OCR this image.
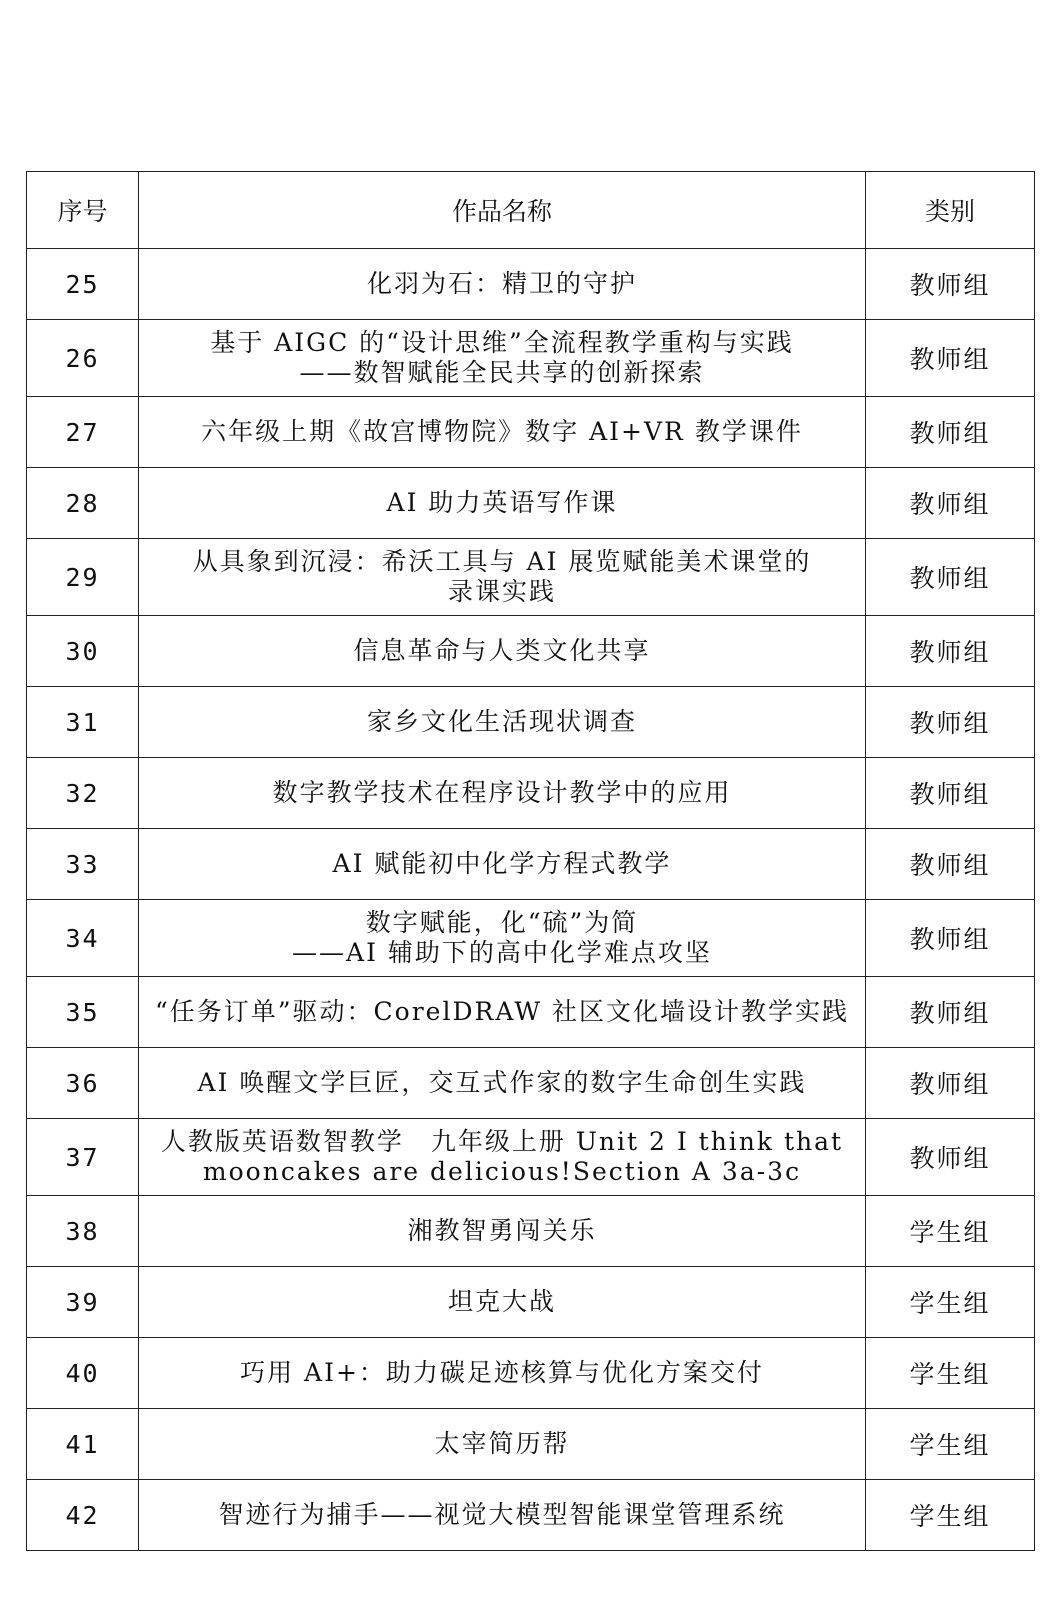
序号	作品名称	类别
25	化羽为石：精卫的守护	教师组
26	基于 AIGC 的“设计思维”全流程教学重构与实践
——数智赋能全民共享的创新探索	教师组
27	六年级上期《故宫博物院》数字 AI+VR 教学课件	教师组
28	AI 助力英语写作课	教师组
29	从具象到沉浸：希沃工具与 AI 展览赋能美术课堂的
录课实践	教师组
30	信息革命与人类文化共享	教师组
31	家乡文化生活现状调查	教师组
32	数字教学技术在程序设计教学中的应用	教师组
33	AI 赋能初中化学方程式教学	教师组
34	数字赋能，化“硫”为简
——AI 辅助下的高中化学难点攻坚	教师组
35	“任务订单”驱动：CorelDRAW 社区文化墙设计教学实践	教师组
36	AI 唤醒文学巨匠，交互式作家的数字生命创生实践	教师组
37	人教版英语数智教学　九年级上册 Unit 2 I think that
mooncakes are delicious!Section A 3a-3c	教师组
38	湘教智勇闯关乐	学生组
39	坦克大战	学生组
40	巧用 AI+：助力碳足迹核算与优化方案交付	学生组
41	太宰简历帮	学生组
42	智迹行为捕手——视觉大模型智能课堂管理系统	学生组
